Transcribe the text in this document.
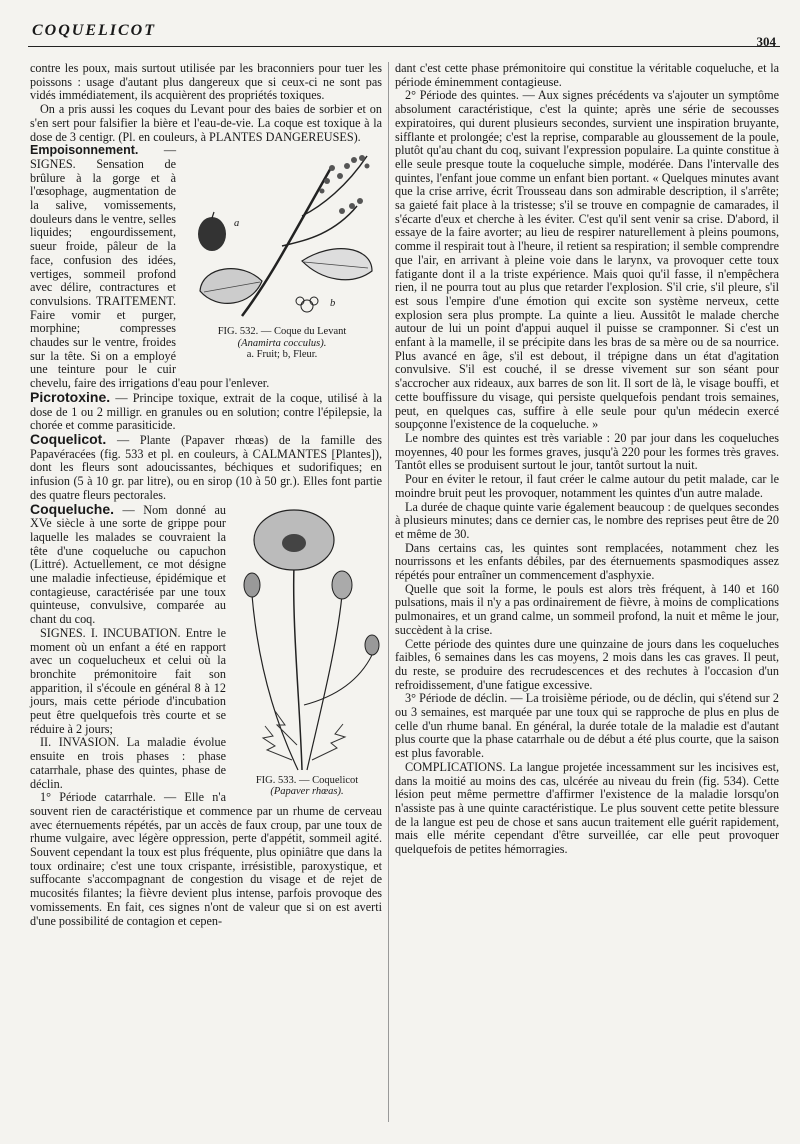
COQUELICOT
304

contre les poux, mais surtout utilisée par les braconniers pour tuer les poissons : usage d'autant plus dangereux que si ceux-ci ne sont pas vidés immédiatement, ils acquièrent des propriétés toxiques.

On a pris aussi les coques du Levant pour des baies de sorbier et on s'en sert pour falsifier la bière et l'eau-de-vie. La coque est toxique à la dose de 3 centigr. (Pl. en couleurs, à PLANTES DANGEREUSES).

a
b
FIG. 532. — Coque du Levant
(Anamirta cocculus).
a. Fruit; b, Fleur.

Empoisonnement. — SIGNES. Sensation de brûlure à la gorge et à l'œsophage, augmentation de la salive, vomissements, douleurs dans le ventre, selles liquides; engourdissement, sueur froide, pâleur de la face, confusion des idées, vertiges, sommeil profond avec délire, contractures et convulsions. TRAITEMENT. Faire vomir et purger, morphine; compresses chaudes sur le ventre, froides sur la tête. Si on a employé une teinture pour le cuir chevelu, faire des irrigations d'eau pour l'enlever.

Picrotoxine. — Principe toxique, extrait de la coque, utilisé à la dose de 1 ou 2 milligr. en granules ou en solution; contre l'épilepsie, la chorée et comme parasiticide.

Coquelicot. — Plante (Papaver rhœas) de la famille des Papavéracées (fig. 533 et pl. en couleurs, à CALMANTES [Plantes]), dont les fleurs sont adoucissantes, béchiques et sudorifiques; en infusion (5 à 10 gr. par litre), ou en sirop (10 à 50 gr.). Elles font partie des quatre fleurs pectorales.

FIG. 533. — Coquelicot
(Papaver rhœas).

Coqueluche. — Nom donné au XVe siècle à une sorte de grippe pour laquelle les malades se couvraient la tête d'une coqueluche ou capuchon (Littré). Actuellement, ce mot désigne une maladie infectieuse, épidémique et contagieuse, caractérisée par une toux quinteuse, convulsive, comparée au chant du coq.

SIGNES. I. INCUBATION. Entre le moment où un enfant a été en rapport avec un coquelucheux et celui où la bronchite prémonitoire fait son apparition, il s'écoule en général 8 à 12 jours, mais cette période d'incubation peut être quelquefois très courte et se réduire à 2 jours;

II. INVASION. La maladie évolue ensuite en trois phases : phase catarrhale, phase des quintes, phase de déclin.

1° Période catarrhale. — Elle n'a souvent rien de caractéristique et commence par un rhume de cerveau avec éternuements répétés, par un accès de faux croup, par une toux de rhume vulgaire, avec légère oppression, perte d'appétit, sommeil agité. Souvent cependant la toux est plus fréquente, plus opiniâtre que dans la toux ordinaire; c'est une toux crispante, irrésistible, paroxystique, et suffocante s'accompagnant de congestion du visage et de rejet de mucosités filantes; la fièvre devient plus intense, parfois provoque des vomissements. En fait, ces signes n'ont de valeur que si on est averti d'une possibilité de contagion et cepen-

dant c'est cette phase prémonitoire qui constitue la véritable coqueluche, et la période éminemment contagieuse.

2° Période des quintes. — Aux signes précédents va s'ajouter un symptôme absolument caractéristique, c'est la quinte; après une série de secousses expiratoires, qui durent plusieurs secondes, survient une inspiration bruyante, sifflante et prolongée; c'est la reprise, comparable au gloussement de la poule, plutôt qu'au chant du coq, suivant l'expression populaire. La quinte constitue à elle seule presque toute la coqueluche simple, modérée. Dans l'intervalle des quintes, l'enfant joue comme un enfant bien portant. « Quelques minutes avant que la crise arrive, écrit Trousseau dans son admirable description, il s'arrête; sa gaieté fait place à la tristesse; s'il se trouve en compagnie de camarades, il s'écarte d'eux et cherche à les éviter. C'est qu'il sent venir sa crise. D'abord, il essaye de la faire avorter; au lieu de respirer naturellement à pleins poumons, comme il respirait tout à l'heure, il retient sa respiration; il semble comprendre que l'air, en arrivant à pleine voie dans le larynx, va provoquer cette toux fatigante dont il a la triste expérience. Mais quoi qu'il fasse, il n'empêchera rien, il ne pourra tout au plus que retarder l'explosion. S'il crie, s'il pleure, s'il est sous l'empire d'une émotion qui excite son système nerveux, cette explosion sera plus prompte. La quinte a lieu. Aussitôt le malade cherche autour de lui un point d'appui auquel il puisse se cramponner. Si c'est un enfant à la mamelle, il se précipite dans les bras de sa mère ou de sa nourrice. Plus avancé en âge, s'il est debout, il trépigne dans un état d'agitation convulsive. S'il est couché, il se dresse vivement sur son séant pour s'accrocher aux rideaux, aux barres de son lit. Il sort de là, le visage bouffi, et cette bouffissure du visage, qui persiste quelquefois pendant trois semaines, peut, en quelques cas, suffire à elle seule pour qu'un médecin exercé soupçonne l'existence de la coqueluche. »

Le nombre des quintes est très variable : 20 par jour dans les coqueluches moyennes, 40 pour les formes graves, jusqu'à 220 pour les formes très graves. Tantôt elles se produisent surtout le jour, tantôt surtout la nuit.

Pour en éviter le retour, il faut créer le calme autour du petit malade, car le moindre bruit peut les provoquer, notamment les quintes d'un autre malade.

La durée de chaque quinte varie également beaucoup : de quelques secondes à plusieurs minutes; dans ce dernier cas, le nombre des reprises peut être de 20 et même de 30.

Dans certains cas, les quintes sont remplacées, notamment chez les nourrissons et les enfants débiles, par des éternuements spasmodiques assez répétés pour entraîner un commencement d'asphyxie.

Quelle que soit la forme, le pouls est alors très fréquent, à 140 et 160 pulsations, mais il n'y a pas ordinairement de fièvre, à moins de complications pulmonaires, et un grand calme, un sommeil profond, la nuit et même le jour, succèdent à la crise.

Cette période des quintes dure une quinzaine de jours dans les coqueluches faibles, 6 semaines dans les cas moyens, 2 mois dans les cas graves. Il peut, du reste, se produire des recrudescences et des rechutes à l'occasion d'un refroidissement, d'une fatigue excessive.

3° Période de déclin. — La troisième période, ou de déclin, qui s'étend sur 2 ou 3 semaines, est marquée par une toux qui se rapproche de plus en plus de celle d'un rhume banal. En général, la durée totale de la maladie est d'autant plus courte que la phase catarrhale ou de début a été plus courte, que la saison est plus favorable.

COMPLICATIONS. La langue projetée incessamment sur les incisives est, dans la moitié au moins des cas, ulcérée au niveau du frein (fig. 534). Cette lésion peut même permettre d'affirmer l'existence de la maladie lorsqu'on n'assiste pas à une quinte caractéristique. Le plus souvent cette petite blessure de la langue est peu de chose et sans aucun traitement elle guérit rapidement, mais elle mérite cependant d'être surveillée, car elle peut provoquer quelquefois de petites hémorragies.
